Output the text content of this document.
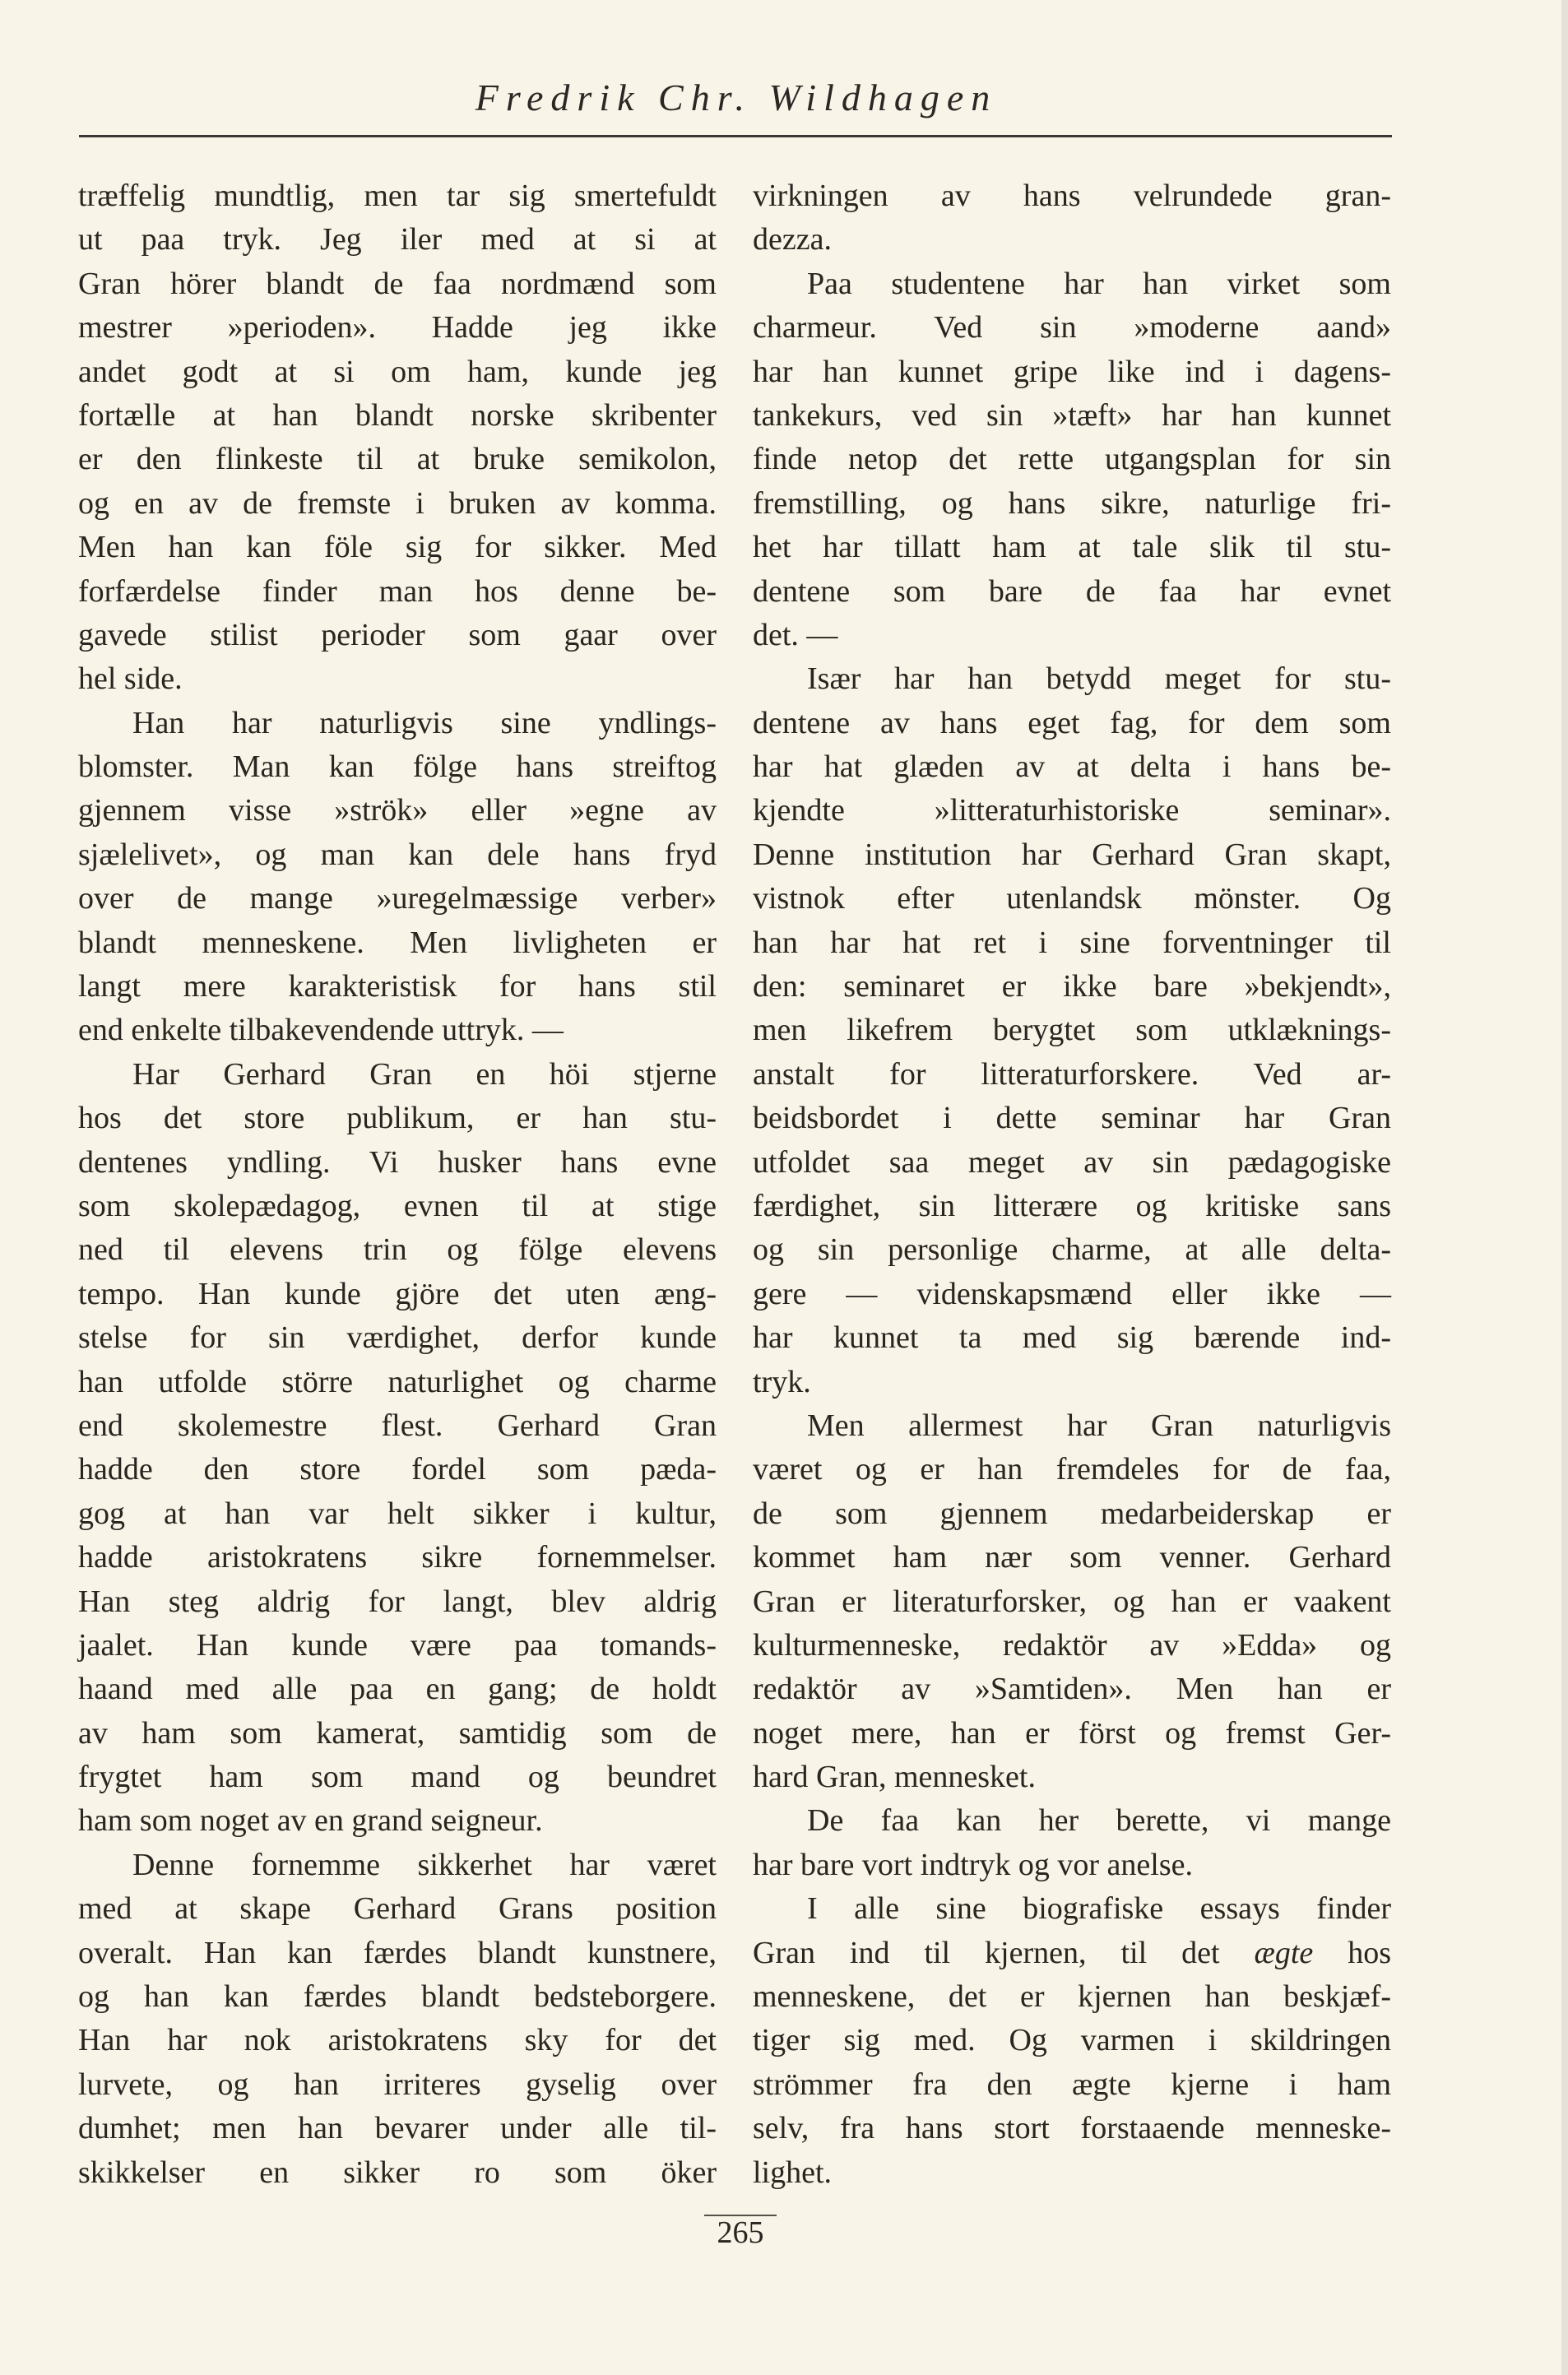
Fredrik Chr. Wildhagen
træffelig mundtlig, men tar sig smertefuldt
ut paa tryk. Jeg iler med at si at
Gran hörer blandt de faa nordmænd som
mestrer »perioden». Hadde jeg ikke
andet godt at si om ham, kunde jeg
fortælle at han blandt norske skribenter
er den flinkeste til at bruke semikolon,
og en av de fremste i bruken av komma.
Men han kan föle sig for sikker. Med
forfærdelse finder man hos denne be-
gavede stilist perioder som gaar over
hel side.
Han har naturligvis sine yndlings-
blomster. Man kan fölge hans streiftog
gjennem visse »strök» eller »egne av
sjælelivet», og man kan dele hans fryd
over de mange »uregelmæssige verber»
blandt menneskene. Men livligheten er
langt mere karakteristisk for hans stil
end enkelte tilbakevendende uttryk. —
Har Gerhard Gran en höi stjerne
hos det store publikum, er han stu-
dentenes yndling. Vi husker hans evne
som skolepædagog, evnen til at stige
ned til elevens trin og fölge elevens
tempo. Han kunde gjöre det uten æng-
stelse for sin værdighet, derfor kunde
han utfolde större naturlighet og charme
end skolemestre flest. Gerhard Gran
hadde den store fordel som pæda-
gog at han var helt sikker i kultur,
hadde aristokratens sikre fornemmelser.
Han steg aldrig for langt, blev aldrig
jaalet. Han kunde være paa tomands-
haand med alle paa en gang; de holdt
av ham som kamerat, samtidig som de
frygtet ham som mand og beundret
ham som noget av en grand seigneur.
Denne fornemme sikkerhet har været
med at skape Gerhard Grans position
overalt. Han kan færdes blandt kunstnere,
og han kan færdes blandt bedsteborgere.
Han har nok aristokratens sky for det
lurvete, og han irriteres gyselig over
dumhet; men han bevarer under alle til-
skikkelser en sikker ro som öker
virkningen av hans velrundede gran-
dezza.
Paa studentene har han virket som
charmeur. Ved sin »moderne aand»
har han kunnet gripe like ind i dagens-
tankekurs, ved sin »tæft» har han kunnet
finde netop det rette utgangsplan for sin
fremstilling, og hans sikre, naturlige fri-
het har tillatt ham at tale slik til stu-
dentene som bare de faa har evnet
det. —
Især har han betydd meget for stu-
dentene av hans eget fag, for dem som
har hat glæden av at delta i hans be-
kjendte »litteraturhistoriske seminar».
Denne institution har Gerhard Gran skapt,
vistnok efter utenlandsk mönster. Og
han har hat ret i sine forventninger til
den: seminaret er ikke bare »bekjendt»,
men likefrem berygtet som utklæknings-
anstalt for litteraturforskere. Ved ar-
beidsbordet i dette seminar har Gran
utfoldet saa meget av sin pædagogiske
færdighet, sin litterære og kritiske sans
og sin personlige charme, at alle delta-
gere — videnskapsmænd eller ikke —
har kunnet ta med sig bærende ind-
tryk.
Men allermest har Gran naturligvis
været og er han fremdeles for de faa,
de som gjennem medarbeiderskap er
kommet ham nær som venner. Gerhard
Gran er literaturforsker, og han er vaakent
kulturmenneske, redaktör av »Edda» og
redaktör av »Samtiden». Men han er
noget mere, han er först og fremst Ger-
hard Gran, mennesket.
De faa kan her berette, vi mange
har bare vort indtryk og vor anelse.
I alle sine biografiske essays finder
Gran ind til kjernen, til det ægte hos
menneskene, det er kjernen han beskjæf-
tiger sig med. Og varmen i skildringen
strömmer fra den ægte kjerne i ham
selv, fra hans stort forstaaende menneske-
lighet.
265
